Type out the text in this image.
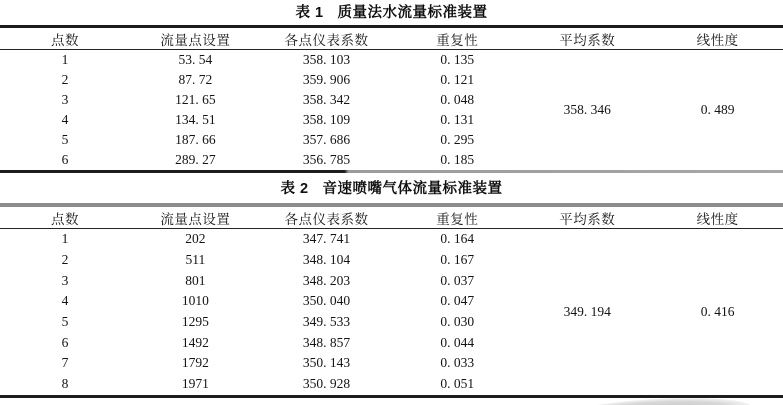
表 1 质量法水流量标准装置
点数	流量点设置	各点仪表系数	重复性	平均系数	线性度
1	53. 54	358. 103	0. 135	358. 346	0. 489
2	87. 72	359. 906	0. 121		
3	121. 65	358. 342	0. 048		
4	134. 51	358. 109	0. 131		
5	187. 66	357. 686	0. 295		
6	289. 27	356. 785	0. 185		
表 2 音速喷嘴气体流量标准装置
点数	流量点设置	各点仪表系数	重复性	平均系数	线性度
1	202	347. 741	0. 164	349. 194	0. 416
2	511	348. 104	0. 167		
3	801	348. 203	0. 037		
4	1010	350. 040	0. 047		
5	1295	349. 533	0. 030		
6	1492	348. 857	0. 044		
7	1792	350. 143	0. 033		
8	1971	350. 928	0. 051		
